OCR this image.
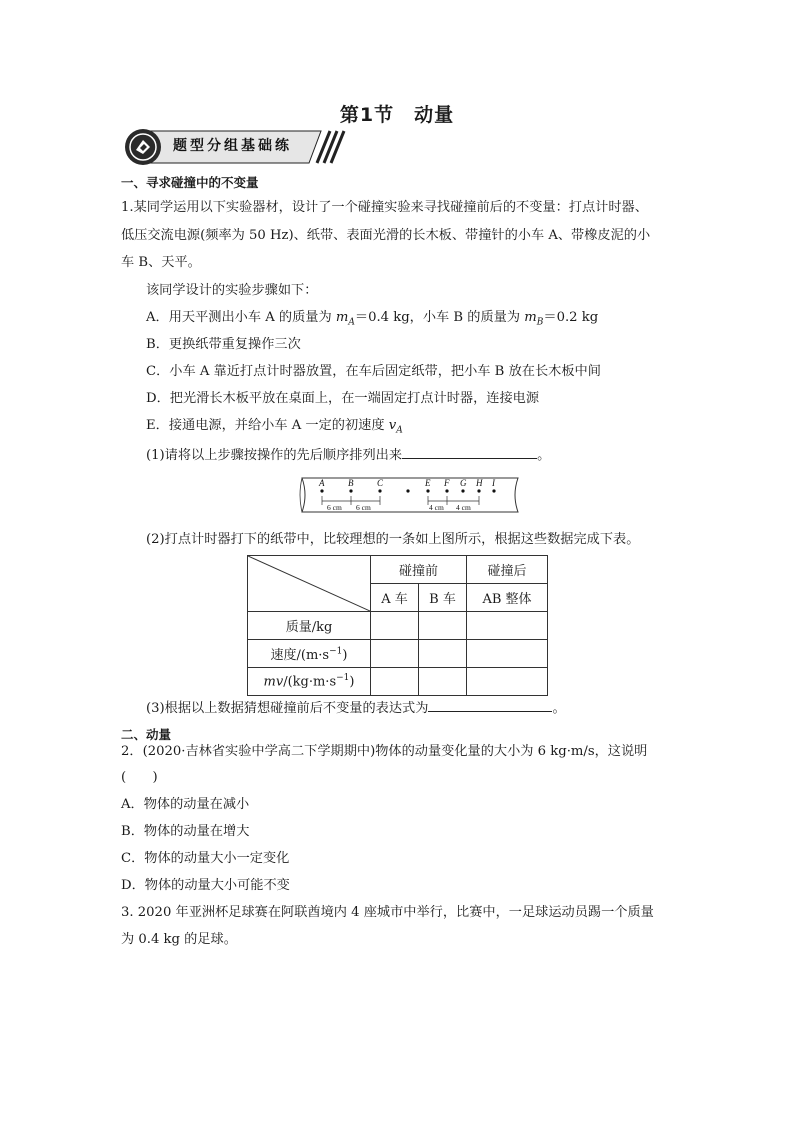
第1节　动量
题型分组基础练
一、寻求碰撞中的不变量
1.某同学运用以下实验器材，设计了一个碰撞实验来寻找碰撞前后的不变量：打点计时器、
低压交流电源(频率为 50 Hz)、纸带、表面光滑的长木板、带撞针的小车 A、带橡皮泥的小
车 B、天平。
该同学设计的实验步骤如下：
A．用天平测出小车 A 的质量为 $m_A=0.4$ kg，小车 B 的质量为 $m_B=0.2$ kg
B．更换纸带重复操作三次
C．小车 A 靠近打点计时器放置，在车后固定纸带，把小车 B 放在长木板中间
D．把光滑长木板平放在桌面上，在一端固定打点计时器，连接电源
E．接通电源，并给小车 A 一定的初速度 $v_A$
(1)请将以上步骤按操作的先后顺序排列出来	。
A	B	C	E F G H I
6 cm 6 cm	4 cm 4 cm
(2)打点计时器打下的纸带中，比较理想的一条如上图所示，根据这些数据完成下表。
	碰撞前		碰撞后
	A 车	B 车	AB 整体
质量/kg			
速度$/(m\cdot s^{-1})$			
$mv/(kg\cdot m\cdot s^{-1})$			
(3)根据以上数据猜想碰撞前后不变量的表达式为	。
二、动量
2．(2020·吉林省实验中学高二下学期期中)物体的动量变化量的大小为 6 kg·m/s，这说明
(　　)
A．物体的动量在减小
B．物体的动量在增大
C．物体的动量大小一定变化
D．物体的动量大小可能不变
3. 2020 年亚洲杯足球赛在阿联酋境内 4 座城市中举行，比赛中，一足球运动员踢一个质量
为 0.4 kg 的足球。
